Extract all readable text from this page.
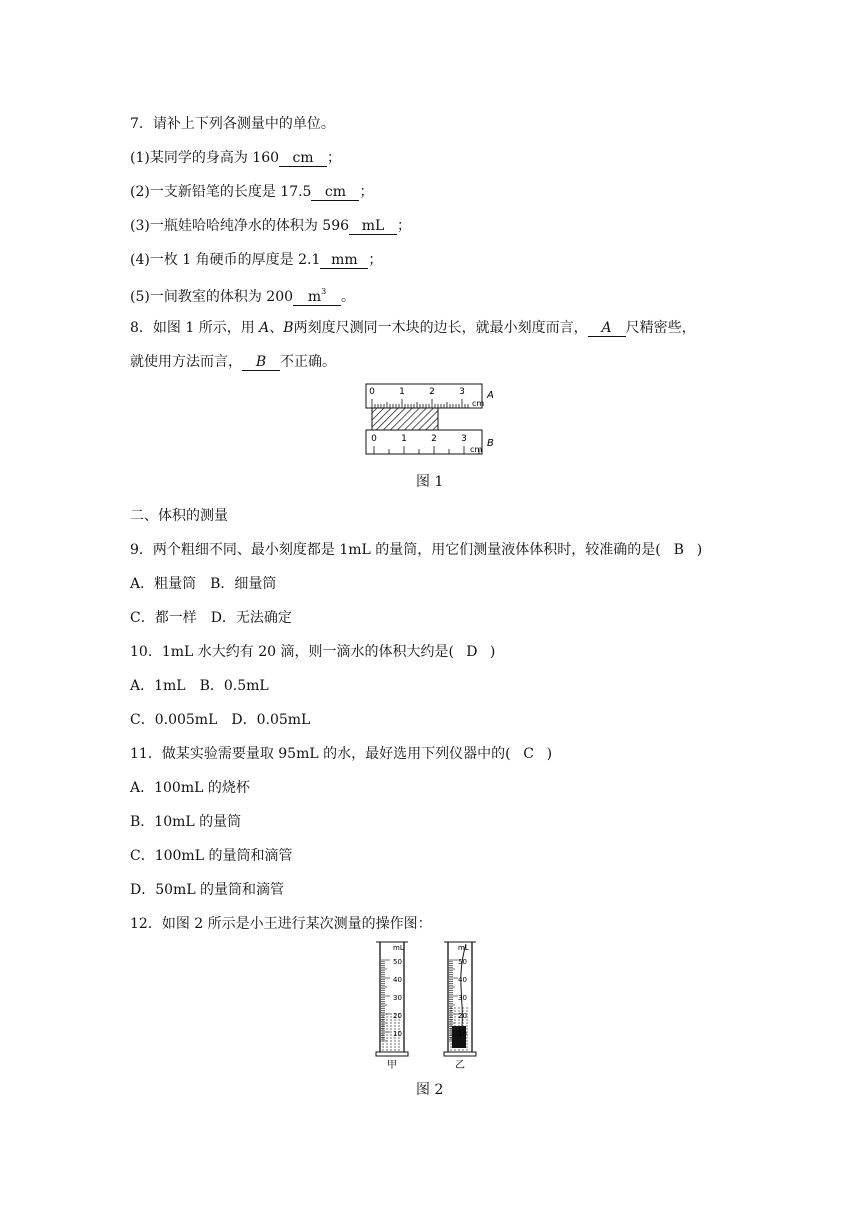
7．请补上下列各测量中的单位。
(1)某同学的身高为 160 cm ；
(2)一支新铅笔的长度是 17.5 cm ；
(3)一瓶娃哈哈纯净水的体积为 596 mL ；
(4)一枚 1 角硬币的厚度是 2.1 mm ；
(5)一间教室的体积为 200 $m^3$ 。
8．如图 1 所示，用 A、B两刻度尺测同一木块的边长，就最小刻度而言， A 尺精密些，
就使用方法而言， B 不正确。
0	1	2	3
cm
A
0	1	2	3
cm
B
图 1
二、体积的测量
9．两个粗细不同、最小刻度都是 1mL 的量筒，用它们测量液体体积时，较准确的是( B )
A．粗量筒　B．细量筒
C．都一样　D．无法确定
10．1mL 水大约有 20 滴，则一滴水的体积大约是( D )
A．1mL　B．0.5mL
C．0.005mL　D．0.05mL
11．做某实验需要量取 95mL 的水，最好选用下列仪器中的( C )
A．100mL 的烧杯
B．10mL 的量筒
C．100mL 的量筒和滴管
D．50mL 的量筒和滴管
12．如图 2 所示是小王进行某次测量的操作图：
mL
50
40
30
20
10
mL
50
40
30
20
10
甲	乙
图 2
